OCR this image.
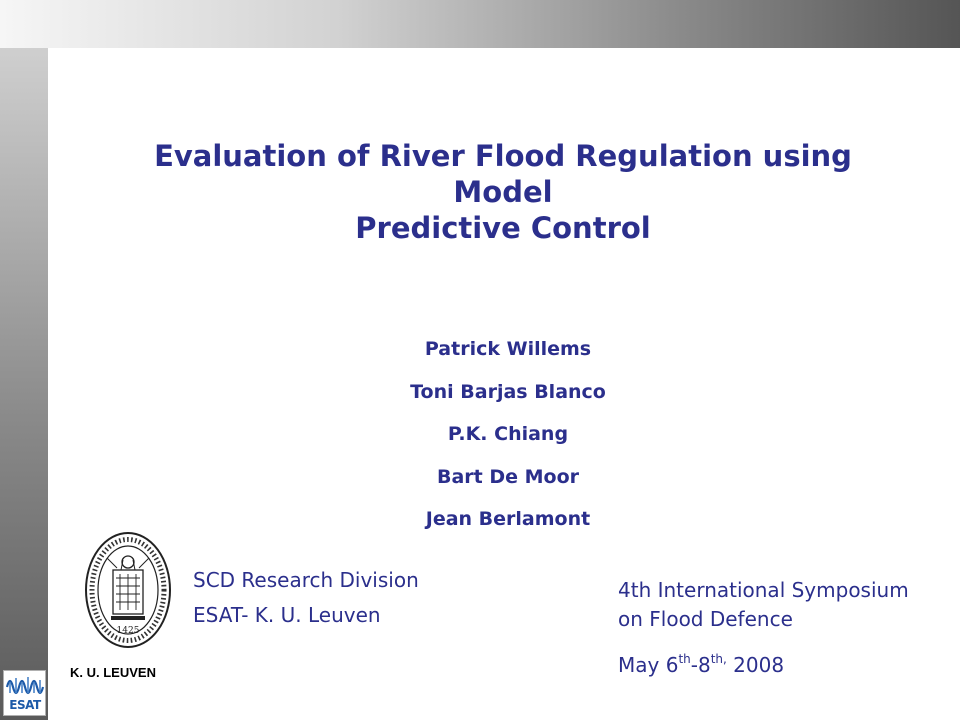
Evaluation of River Flood Regulation using Model
Predictive Control
Patrick Willems
Toni Barjas Blanco
P.K. Chiang
Bart De Moor
Jean Berlamont
SCD Research Division
ESAT- K. U. Leuven
4th International Symposium
on Flood Defence
May $6th-8^{th,}$ 2008
1425
K. U. LEUVEN
ESAT
